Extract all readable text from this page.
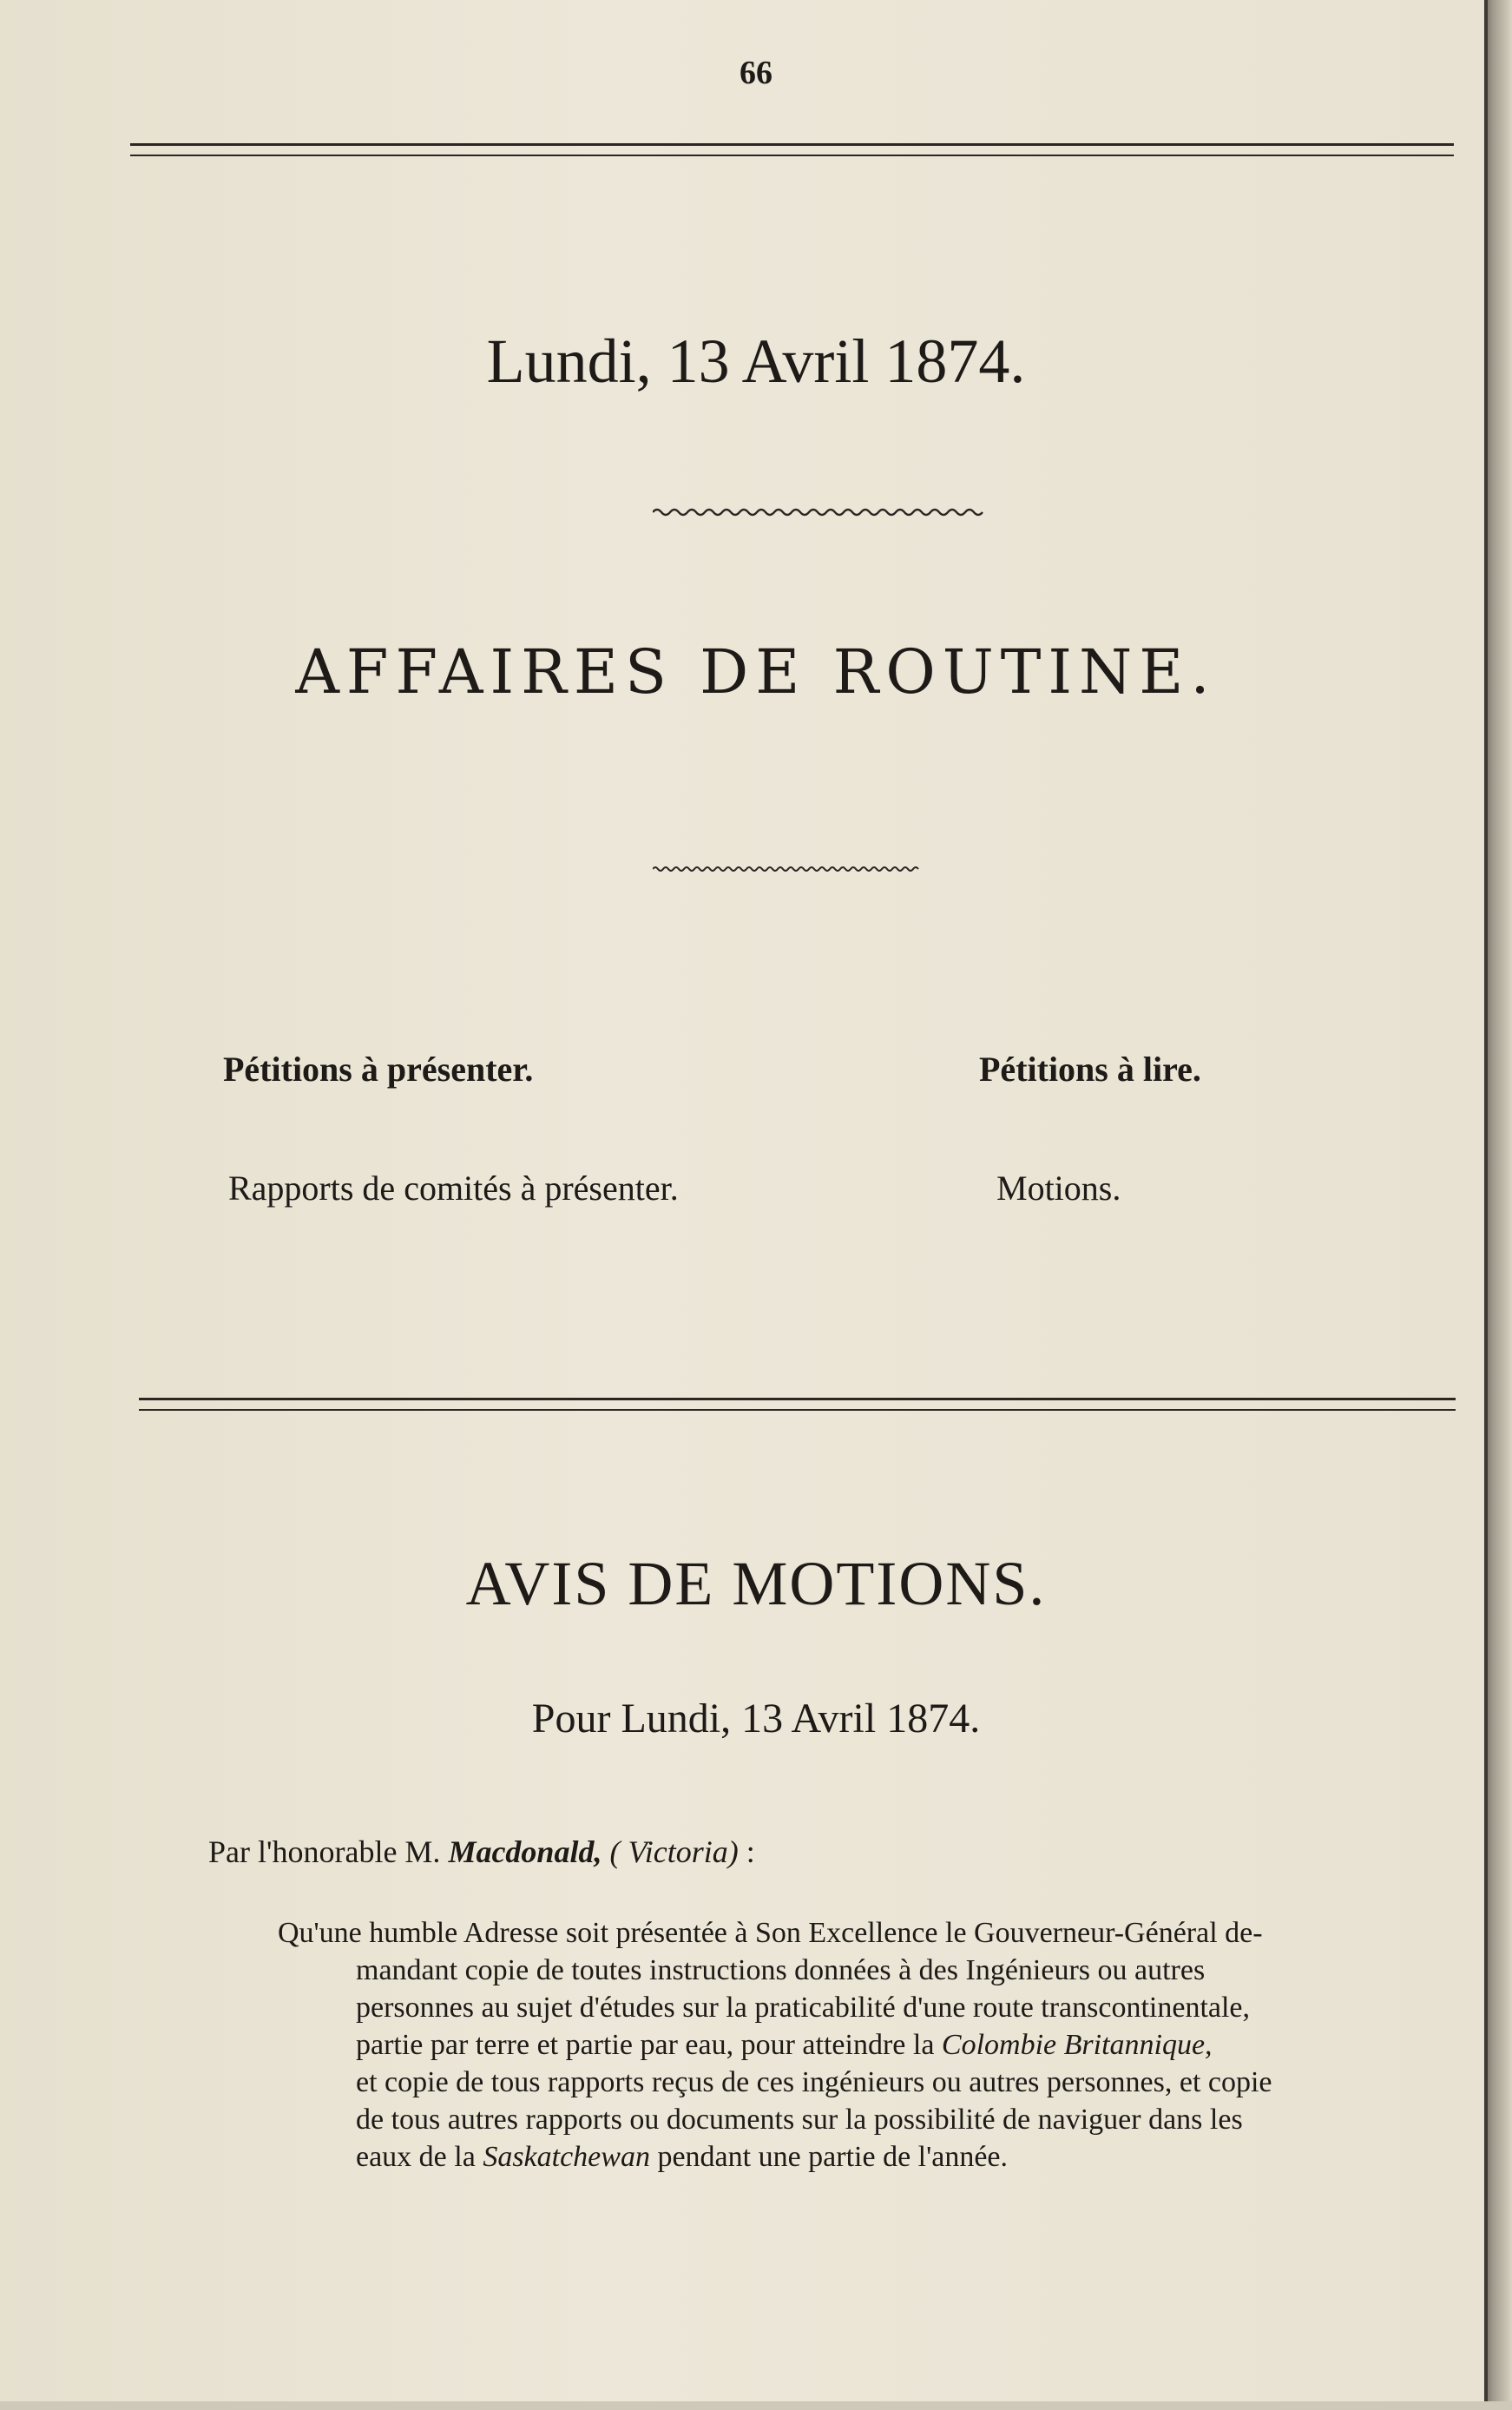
66
Lundi, 13 Avril 1874.
AFFAIRES DE ROUTINE.
Pétitions à présenter.	Pétitions à lire.
Rapports de comités à présenter.	Motions.
AVIS DE MOTIONS.
Pour Lundi, 13 Avril 1874.
Par l'honorable M. Macdonald, ( Victoria) :
Qu'une humble Adresse soit présentée à Son Excellence le Gouverneur-Général de-
mandant copie de toutes instructions données à des Ingénieurs ou autres
personnes au sujet d'études sur la praticabilité d'une route transcontinentale,
partie par terre et partie par eau, pour atteindre la Colombie Britannique,
et copie de tous rapports reçus de ces ingénieurs ou autres personnes, et copie
de tous autres rapports ou documents sur la possibilité de naviguer dans les
eaux de la Saskatchewan pendant une partie de l'année.
